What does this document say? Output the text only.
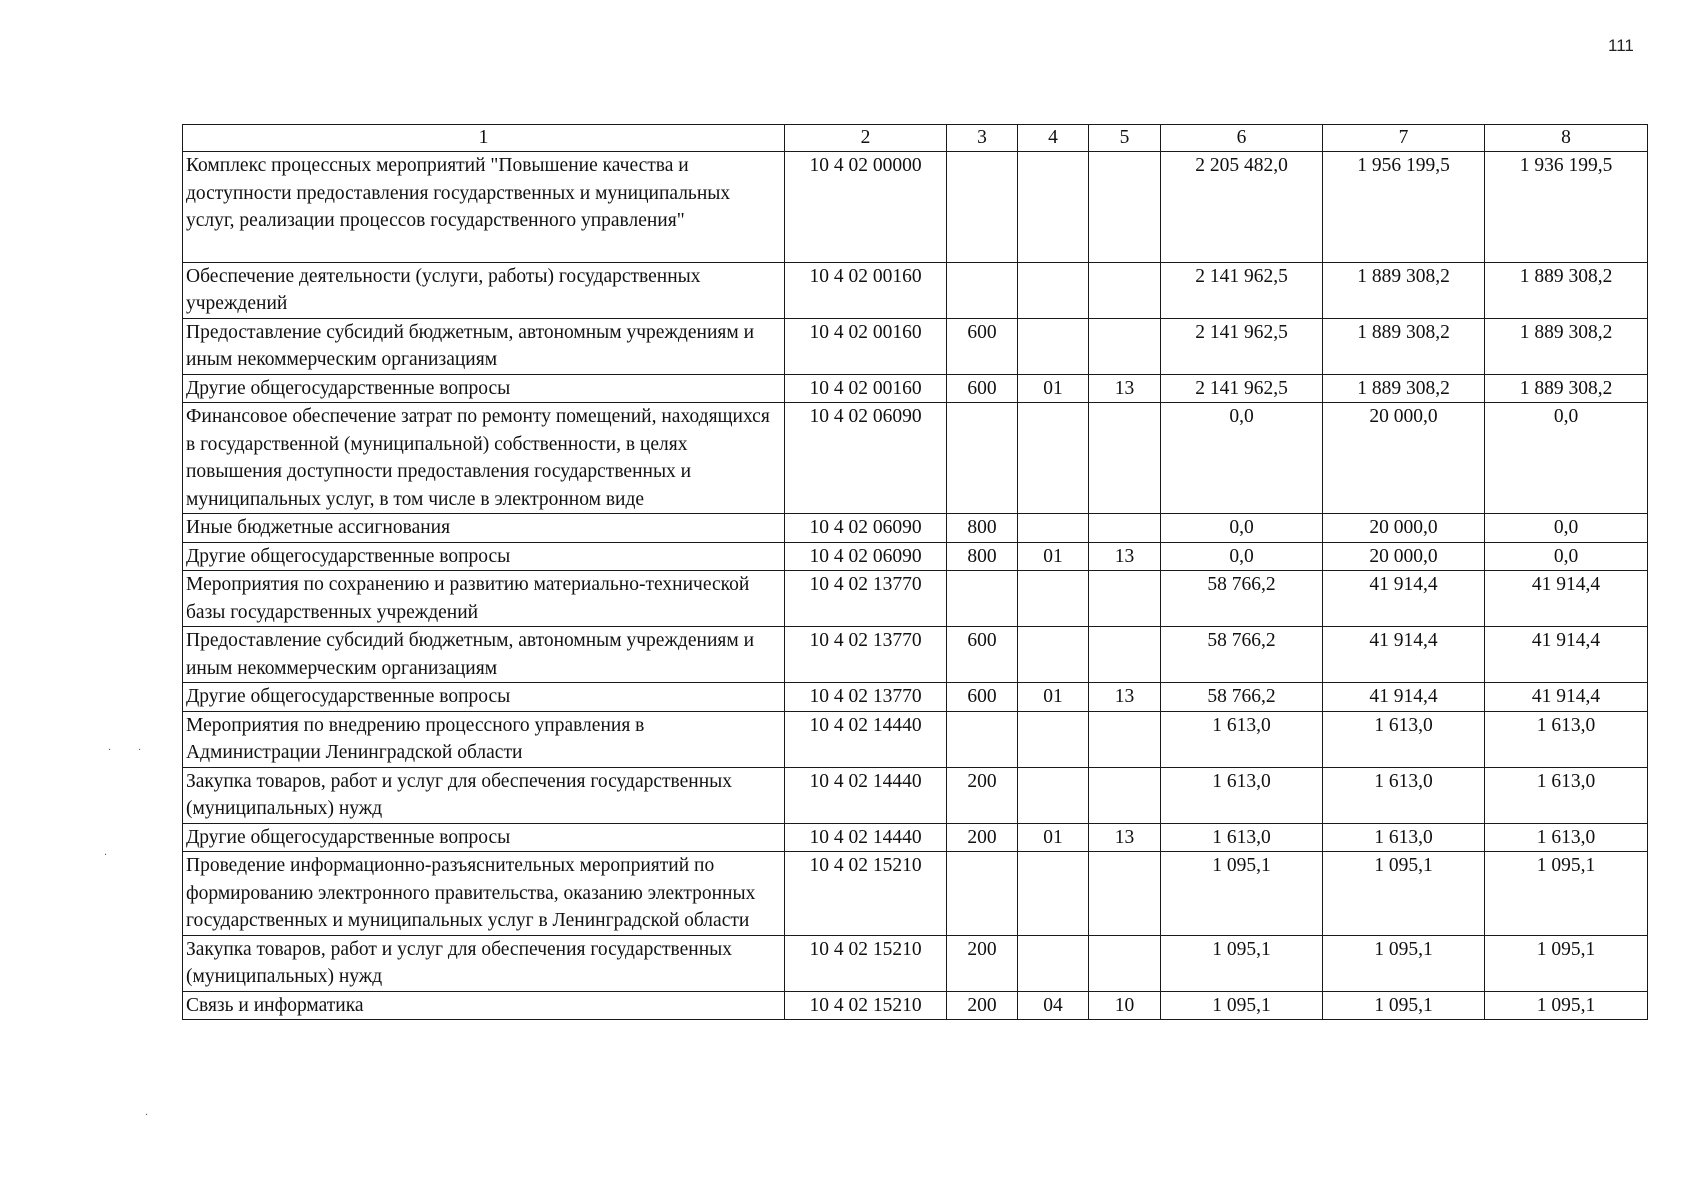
111
·	·
·
·
1	2	3	4	5	6	7	8
Комплекс процессных мероприятий "Повышение качества и доступности предоставления государственных и муниципальных услуг, реализации процессов государственного управления"	10 4 02 00000				2 205 482,0	1 956 199,5	1 936 199,5
Обеспечение деятельности (услуги, работы) государственных учреждений	10 4 02 00160				2 141 962,5	1 889 308,2	1 889 308,2
Предоставление субсидий бюджетным, автономным учреждениям и иным некоммерческим организациям	10 4 02 00160	600			2 141 962,5	1 889 308,2	1 889 308,2
Другие общегосударственные вопросы	10 4 02 00160	600	01	13	2 141 962,5	1 889 308,2	1 889 308,2
Финансовое обеспечение затрат по ремонту помещений, находящихся в государственной (муниципальной) собственности, в целях повышения доступности предоставления государственных и муниципальных услуг, в том числе в электронном виде	10 4 02 06090				0,0	20 000,0	0,0
Иные бюджетные ассигнования	10 4 02 06090	800			0,0	20 000,0	0,0
Другие общегосударственные вопросы	10 4 02 06090	800	01	13	0,0	20 000,0	0,0
Мероприятия по сохранению и развитию материально-технической базы государственных учреждений	10 4 02 13770				58 766,2	41 914,4	41 914,4
Предоставление субсидий бюджетным, автономным учреждениям и иным некоммерческим организациям	10 4 02 13770	600			58 766,2	41 914,4	41 914,4
Другие общегосударственные вопросы	10 4 02 13770	600	01	13	58 766,2	41 914,4	41 914,4
Мероприятия по внедрению процессного управления в Администрации Ленинградской области	10 4 02 14440				1 613,0	1 613,0	1 613,0
Закупка товаров, работ и услуг для обеспечения государственных (муниципальных) нужд	10 4 02 14440	200			1 613,0	1 613,0	1 613,0
Другие общегосударственные вопросы	10 4 02 14440	200	01	13	1 613,0	1 613,0	1 613,0
Проведение информационно-разъяснительных мероприятий по формированию электронного правительства, оказанию электронных государственных и муниципальных услуг в Ленинградской области	10 4 02 15210				1 095,1	1 095,1	1 095,1
Закупка товаров, работ и услуг для обеспечения государственных (муниципальных) нужд	10 4 02 15210	200			1 095,1	1 095,1	1 095,1
Связь и информатика	10 4 02 15210	200	04	10	1 095,1	1 095,1	1 095,1
